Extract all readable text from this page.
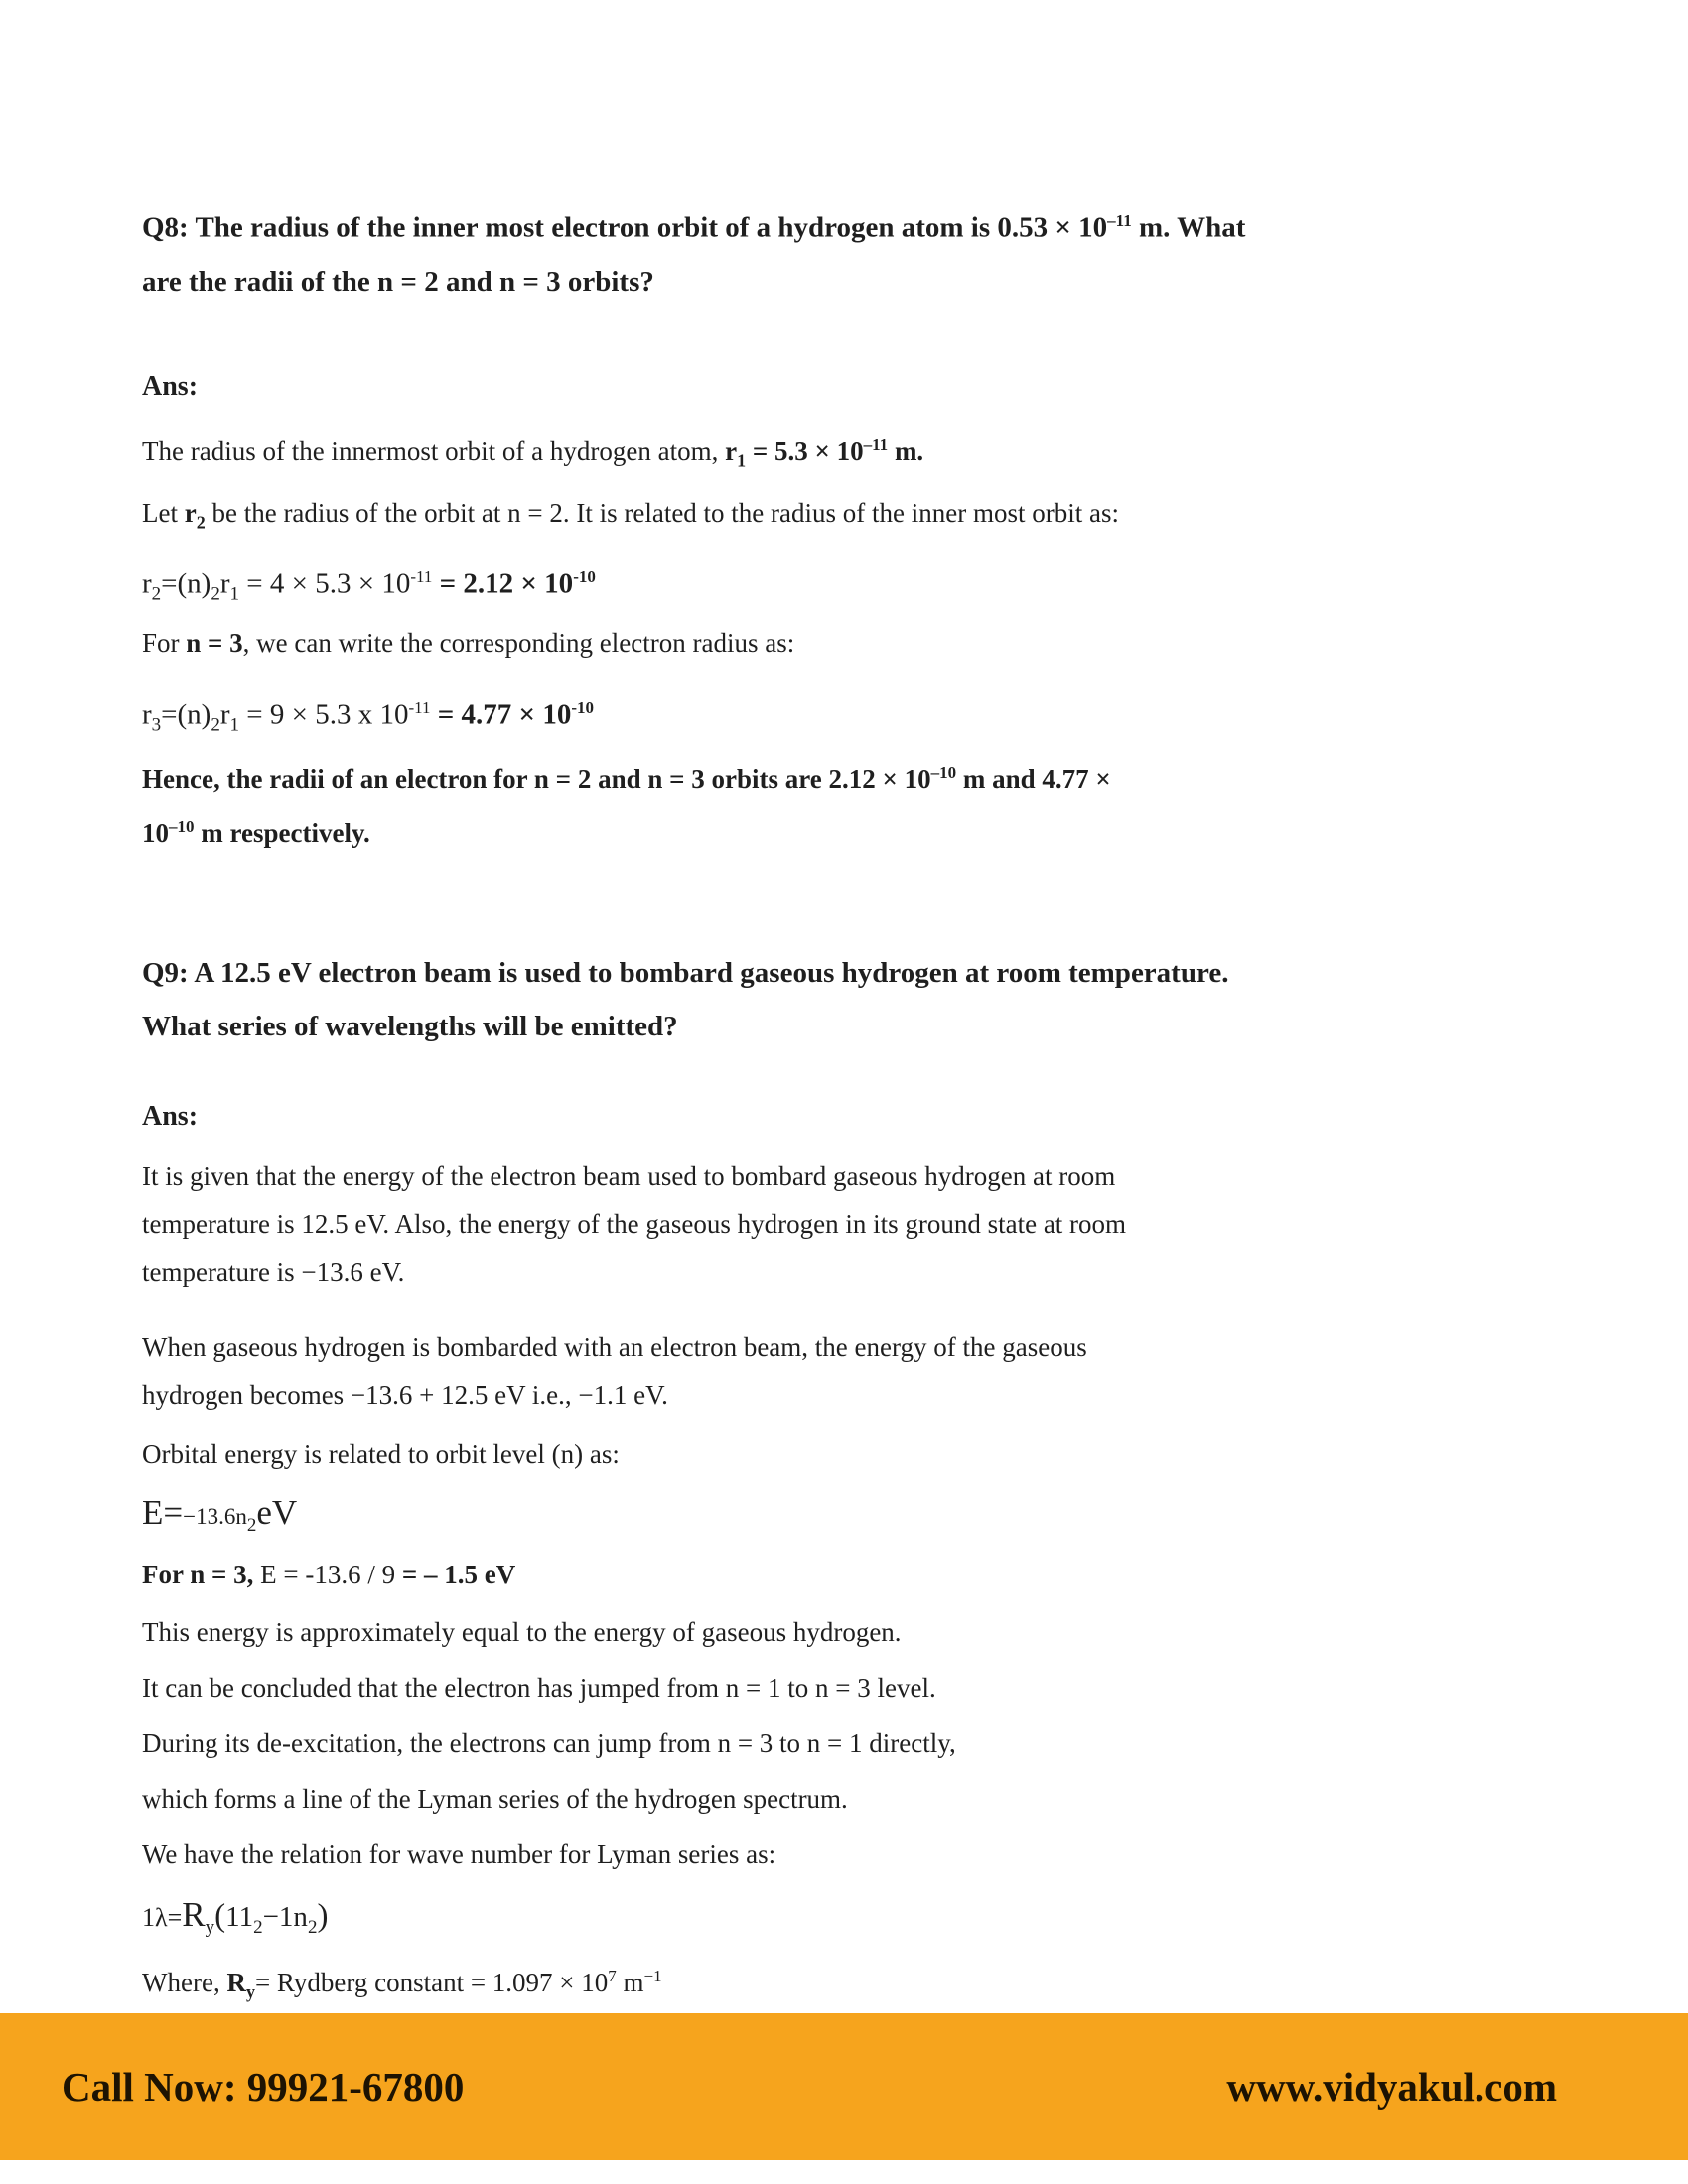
Q8: The radius of the inner most electron orbit of a hydrogen atom is $0.53 \times 10^{-11}$ m. What
are the radii of the n = 2 and n = 3 orbits?
Ans:
The radius of the innermost orbit of a hydrogen atom, $r_1 = 5.3 \times 10^{-11}$ m.
Let $r_2$ be the radius of the orbit at n = 2. It is related to the radius of the inner most orbit as:
$r_2=(n)_2r_1 = 4 \times 5.3 \times 10^{-11} = 2.12 \times 10^{-10}$
For n = 3, we can write the corresponding electron radius as:
$r_3=(n)_2r_1 = 9 \times 5.3$ x $10^{-11} = 4.77 \times 10^{-10}$
Hence, the radii of an electron for n = 2 and n = 3 orbits are $2.12 \times 10^{-10}$ m and 4.77 ×
$10^{-10}$ m respectively.
Q9: A 12.5 eV electron beam is used to bombard gaseous hydrogen at room temperature.
What series of wavelengths will be emitted?
Ans:
It is given that the energy of the electron beam used to bombard gaseous hydrogen at room
temperature is 12.5 eV. Also, the energy of the gaseous hydrogen in its ground state at room
temperature is −13.6 eV.
When gaseous hydrogen is bombarded with an electron beam, the energy of the gaseous
hydrogen becomes −13.6 + 12.5 eV i.e., −1.1 eV.
Orbital energy is related to orbit level (n) as:
$E=-13.6n_2eV$
For n = 3, E = -13.6 / 9 = – 1.5 eV
This energy is approximately equal to the energy of gaseous hydrogen.
It can be concluded that the electron has jumped from n = 1 to n = 3 level.
During its de-excitation, the electrons can jump from n = 3 to n = 1 directly,
which forms a line of the Lyman series of the hydrogen spectrum.
We have the relation for wave number for Lyman series as:
$1\lambda=R_y(11_2-1n_2)$
Where, $R_y=$ Rydberg constant = $1.097 \times 10^7$ $m^{-1}$
Call Now: 99921-67800	www.vidyakul.com
